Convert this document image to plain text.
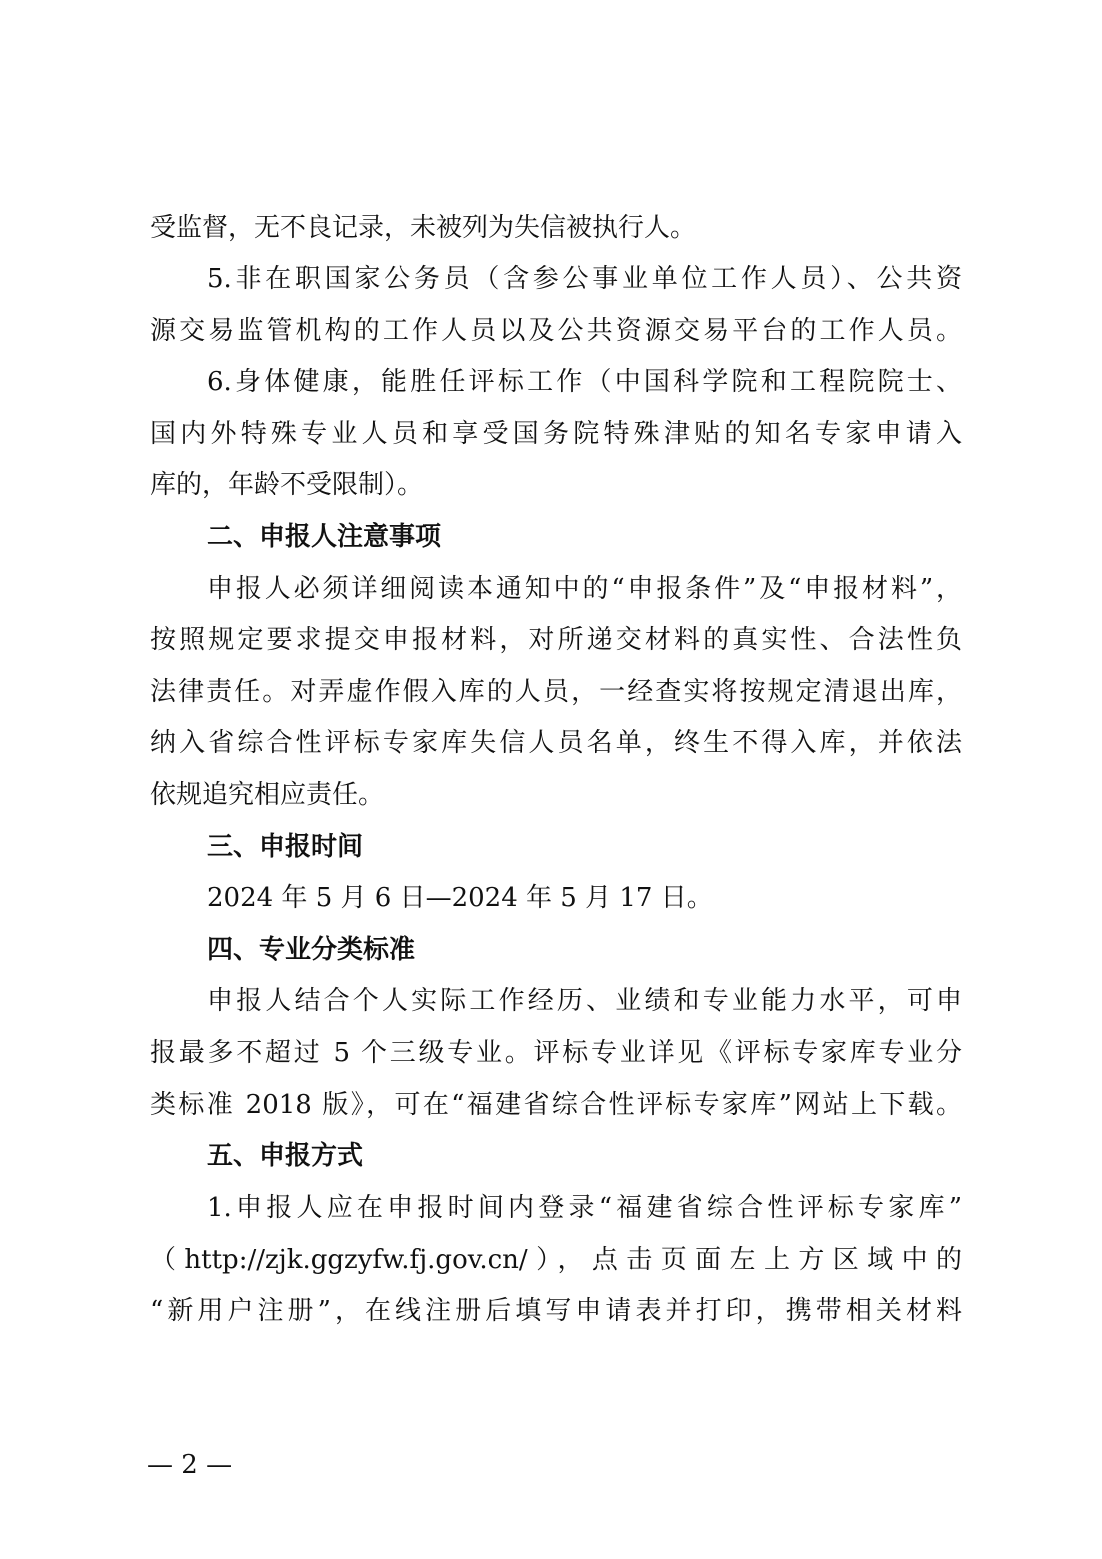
受监督，无不良记录，未被列为失信被执行人。
5.非在职国家公务员（含参公事业单位工作人员）、公共资
源交易监管机构的工作人员以及公共资源交易平台的工作人员。
6.身体健康，能胜任评标工作（中国科学院和工程院院士、
国内外特殊专业人员和享受国务院特殊津贴的知名专家申请入
库的，年龄不受限制）。
二、申报人注意事项
申报人必须详细阅读本通知中的“申报条件”及“申报材料”，
按照规定要求提交申报材料，对所递交材料的真实性、合法性负
法律责任。对弄虚作假入库的人员，一经查实将按规定清退出库，
纳入省综合性评标专家库失信人员名单，终生不得入库，并依法
依规追究相应责任。
三、申报时间
2024 年 5 月 6 日—2024 年 5 月 17 日。
四、专业分类标准
申报人结合个人实际工作经历、业绩和专业能力水平，可申
报最多不超过 5 个三级专业。评标专业详见《评标专家库专业分
类标准 2018 版》，可在“福建省综合性评标专家库”网站上下载。
五、申报方式
1.申报人应在申报时间内登录“福建省综合性评标专家库”
（http://zjk.ggzyfw.fj.gov.cn/），点击页面左上方区域中的
“新用户注册”，在线注册后填写申请表并打印，携带相关材料
— 2 —
